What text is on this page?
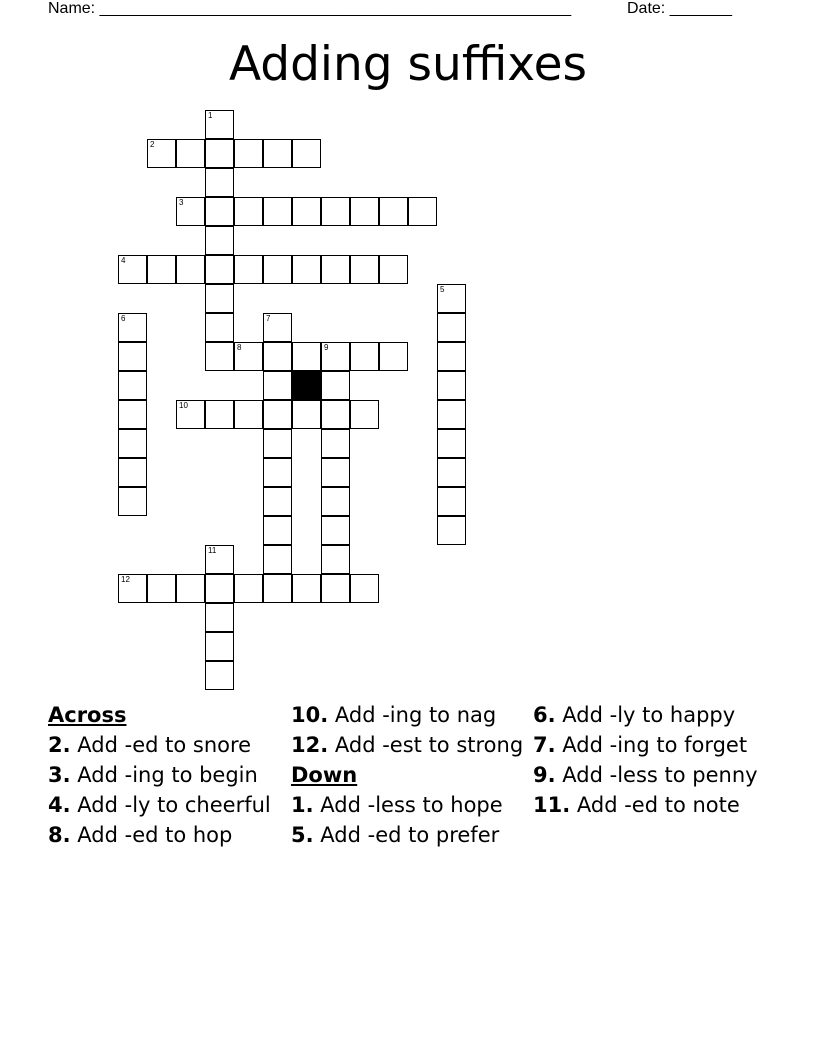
Name: _____________________________________________________	Date: _______
Adding suffixes
1
2
3
4
5
6	7
8	9
10
11
12
Across
2. Add -ed to snore
3. Add -ing to begin
4. Add -ly to cheerful
8. Add -ed to hop
10. Add -ing to nag
12. Add -est to strong
Down
1. Add -less to hope
5. Add -ed to prefer
6. Add -ly to happy
7. Add -ing to forget
9. Add -less to penny
11. Add -ed to note
